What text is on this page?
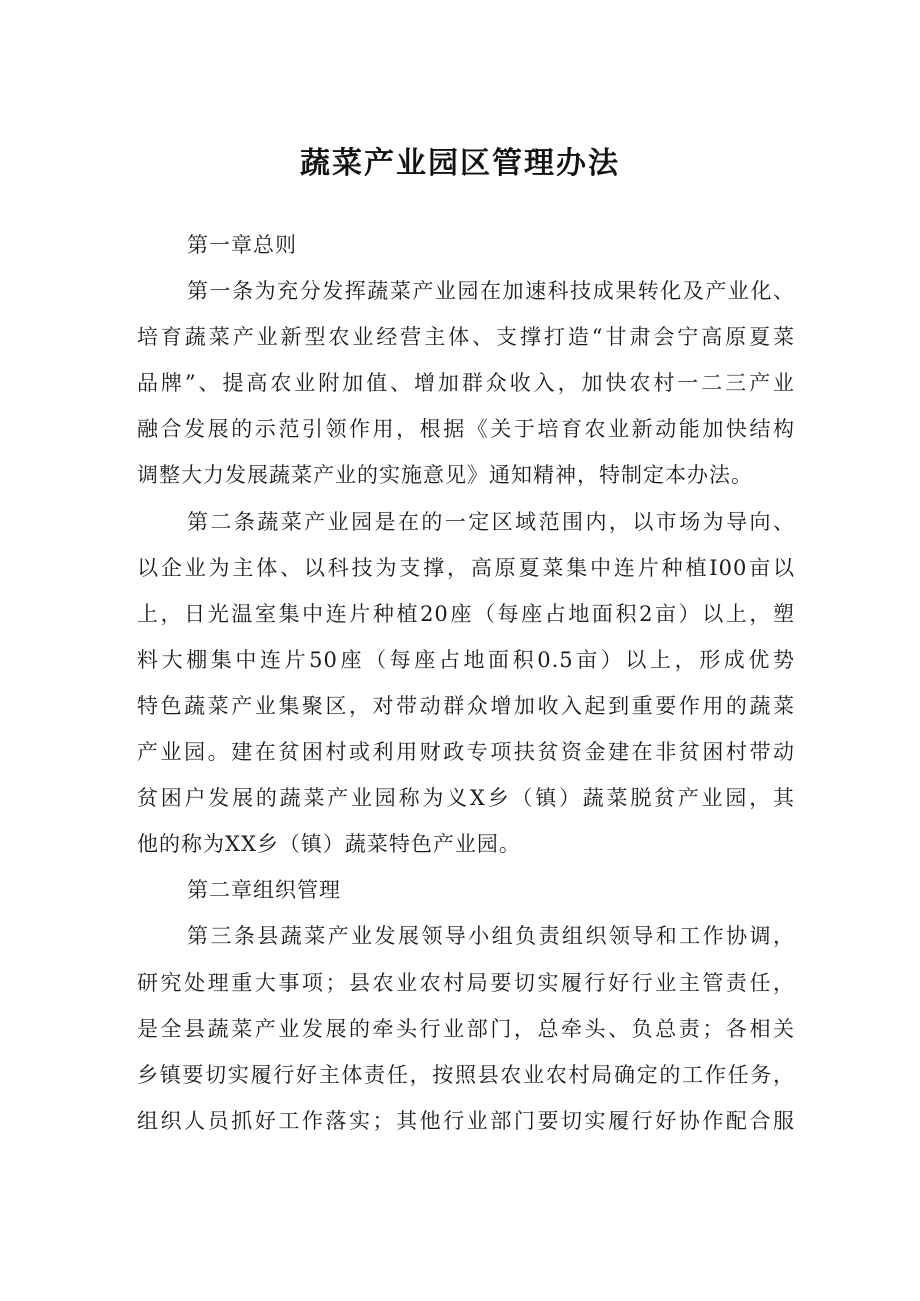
蔬菜产业园区管理办法
第一章总则
第一条为充分发挥蔬菜产业园在加速科技成果转化及产业化、
培育蔬菜产业新型农业经营主体、支撑打造“甘肃会宁高原夏菜
品牌”、提高农业附加值、增加群众收入，加快农村一二三产业
融合发展的示范引领作用，根据《关于培育农业新动能加快结构
调整大力发展蔬菜产业的实施意见》通知精神，特制定本办法。
第二条蔬菜产业园是在的一定区域范围内，以市场为导向、
以企业为主体、以科技为支撑，高原夏菜集中连片种植I00亩以
上，日光温室集中连片种植20座（每座占地面积2亩）以上，塑
料大棚集中连片50座（每座占地面积0.5亩）以上，形成优势
特色蔬菜产业集聚区，对带动群众增加收入起到重要作用的蔬菜
产业园。建在贫困村或利用财政专项扶贫资金建在非贫困村带动
贫困户发展的蔬菜产业园称为义X乡（镇）蔬菜脱贫产业园，其
他的称为XX乡（镇）蔬菜特色产业园。
第二章组织管理
第三条县蔬菜产业发展领导小组负责组织领导和工作协调，
研究处理重大事项；县农业农村局要切实履行好行业主管责任，
是全县蔬菜产业发展的牵头行业部门，总牵头、负总责；各相关
乡镇要切实履行好主体责任，按照县农业农村局确定的工作任务，
组织人员抓好工作落实；其他行业部门要切实履行好协作配合服
